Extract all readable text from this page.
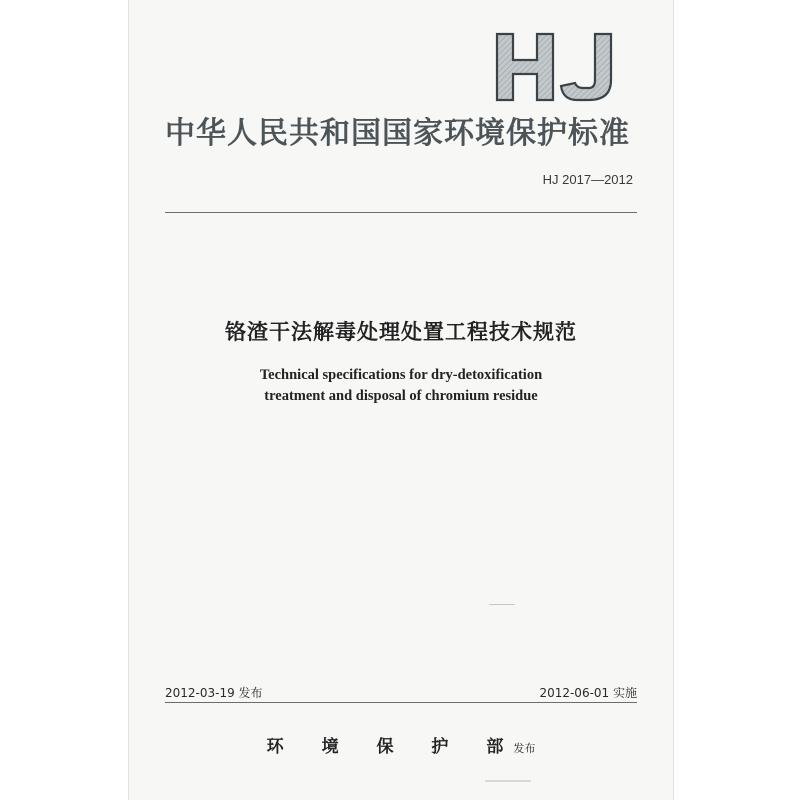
中华人民共和国国家环境保护标准
HJ 2017—2012
铬渣干法解毒处理处置工程技术规范
Technical specifications for dry-detoxification
treatment and disposal of chromium residue
2012-03-19 发布	2012-06-01 实施
环 境 保 护 部发布
